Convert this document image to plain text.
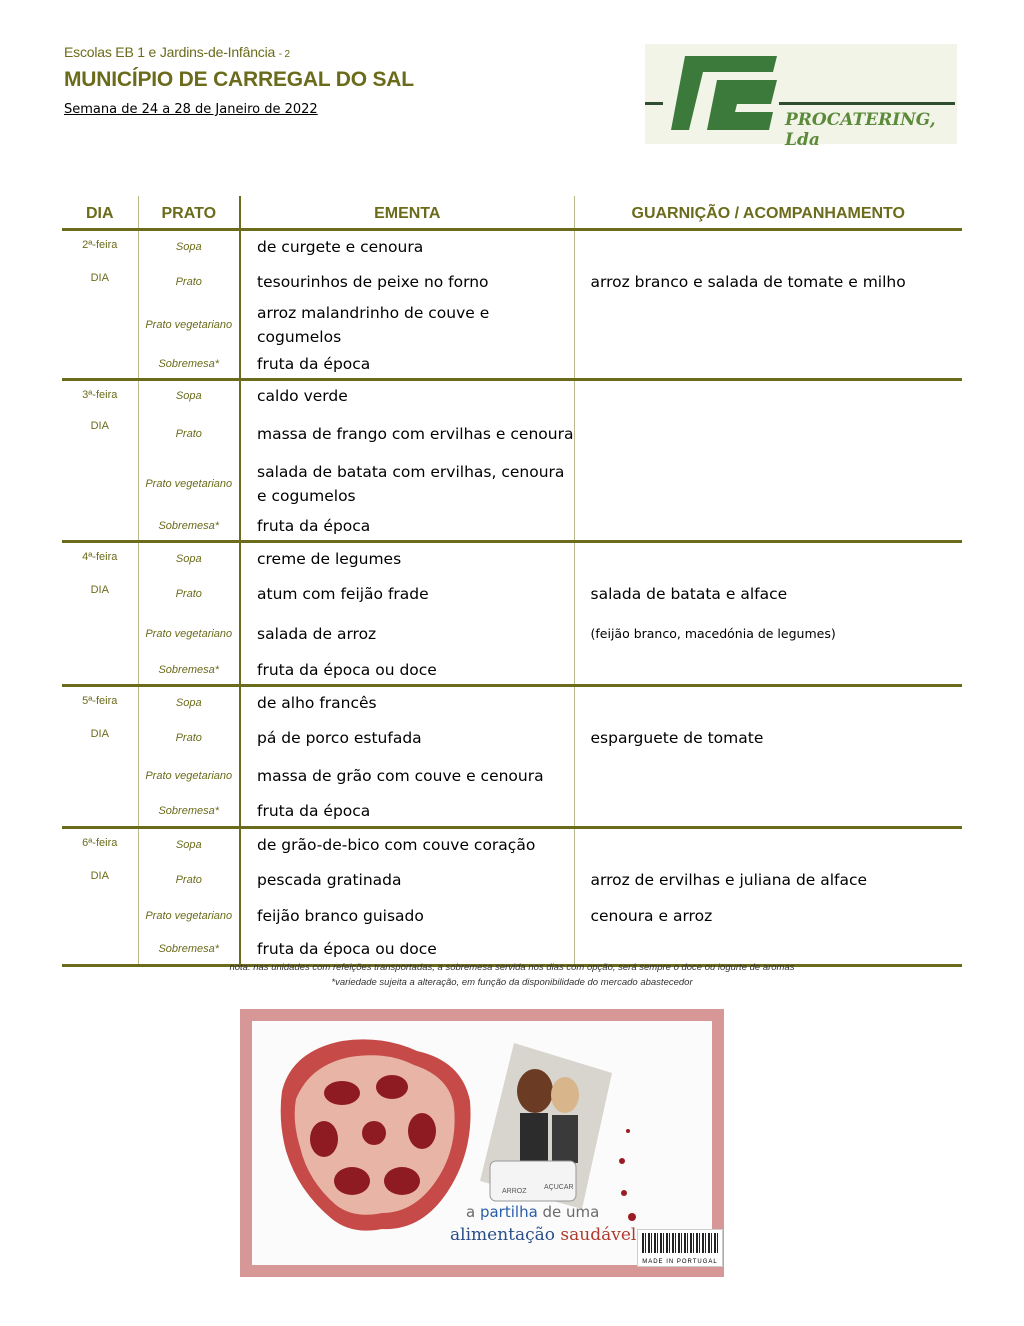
Escolas EB 1 e Jardins-de-Infância - 2
MUNICÍPIO DE CARREGAL DO SAL
Semana de 24 a 28 de Janeiro de 2022
PROCATERING, Lda
DIA	PRATO	EMENTA	GUARNIÇÃO / ACOMPANHAMENTO
2ª-feira	Sopa	de curgete e cenoura	
DIA	Prato	tesourinhos de peixe no forno	arroz branco e salada de tomate e milho
	Prato vegetariano	arroz malandrinho de couve e cogumelos	
	Sobremesa*	fruta da época	
3ª-feira	Sopa	caldo verde	
DIA	Prato	massa de frango com ervilhas e cenoura	
	Prato vegetariano	salada de batata com ervilhas, cenoura e cogumelos	
	Sobremesa*	fruta da época	
4ª-feira	Sopa	creme de legumes	
DIA	Prato	atum com feijão frade	salada de batata e alface
	Prato vegetariano	salada de arroz	(feijão branco, macedónia de legumes)
	Sobremesa*	fruta da época ou doce	
5ª-feira	Sopa	de alho francês	
DIA	Prato	pá de porco estufada	esparguete de tomate
	Prato vegetariano	massa de grão com couve e cenoura	
	Sobremesa*	fruta da época	
6ª-feira	Sopa	de grão-de-bico com couve coração	
DIA	Prato	pescada gratinada	arroz de ervilhas e juliana de alface
	Prato vegetariano	feijão branco guisado	cenoura e arroz
	Sobremesa*	fruta da época ou doce	
nota: nas unidades com refeições transportadas, a sobremesa servida nos dias com opção, será sempre o doce ou iogurte de aromas
*variedade sujeita a alteração, em função da disponibilidade do mercado abastecedor
ARROZ
AÇUCAR
a partilha de uma
alimentação saudável
MADE IN PORTUGAL
